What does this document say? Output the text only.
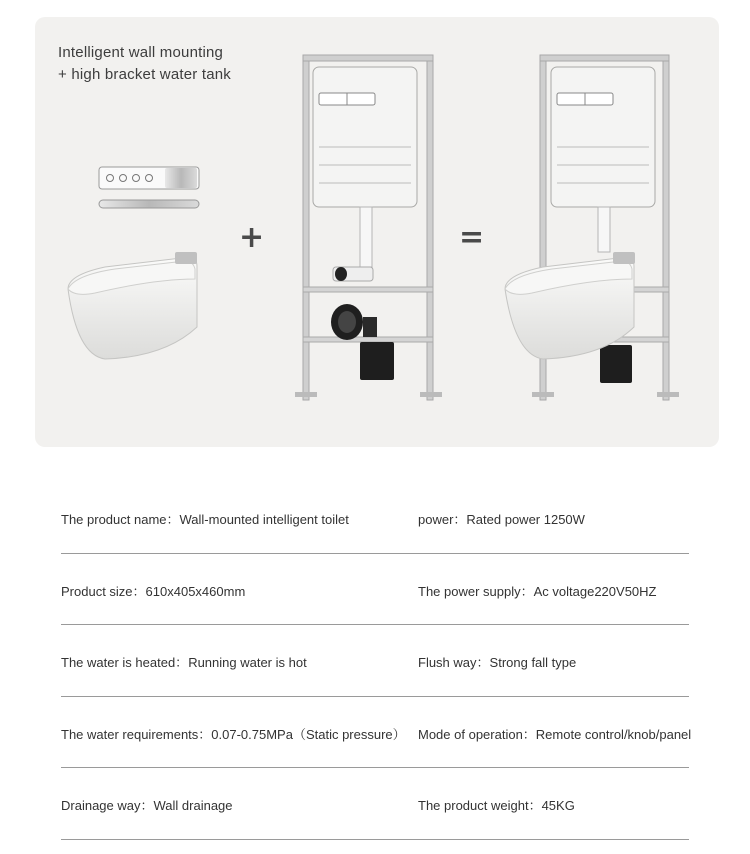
Intelligent wall mounting
+ high bracket water tank
+	=
The product name：Wall-mounted intelligent toilet	power：Rated power 1250W
Product size：610x405x460mm	The power supply：Ac voltage220V50HZ
The water is heated：Running water is hot	Flush way：Strong fall type
The water requirements：0.07-0.75MPa（Static pressure） Mode of operation：Remote control/knob/panel
Drainage way：Wall drainage	The product weight：45KG
